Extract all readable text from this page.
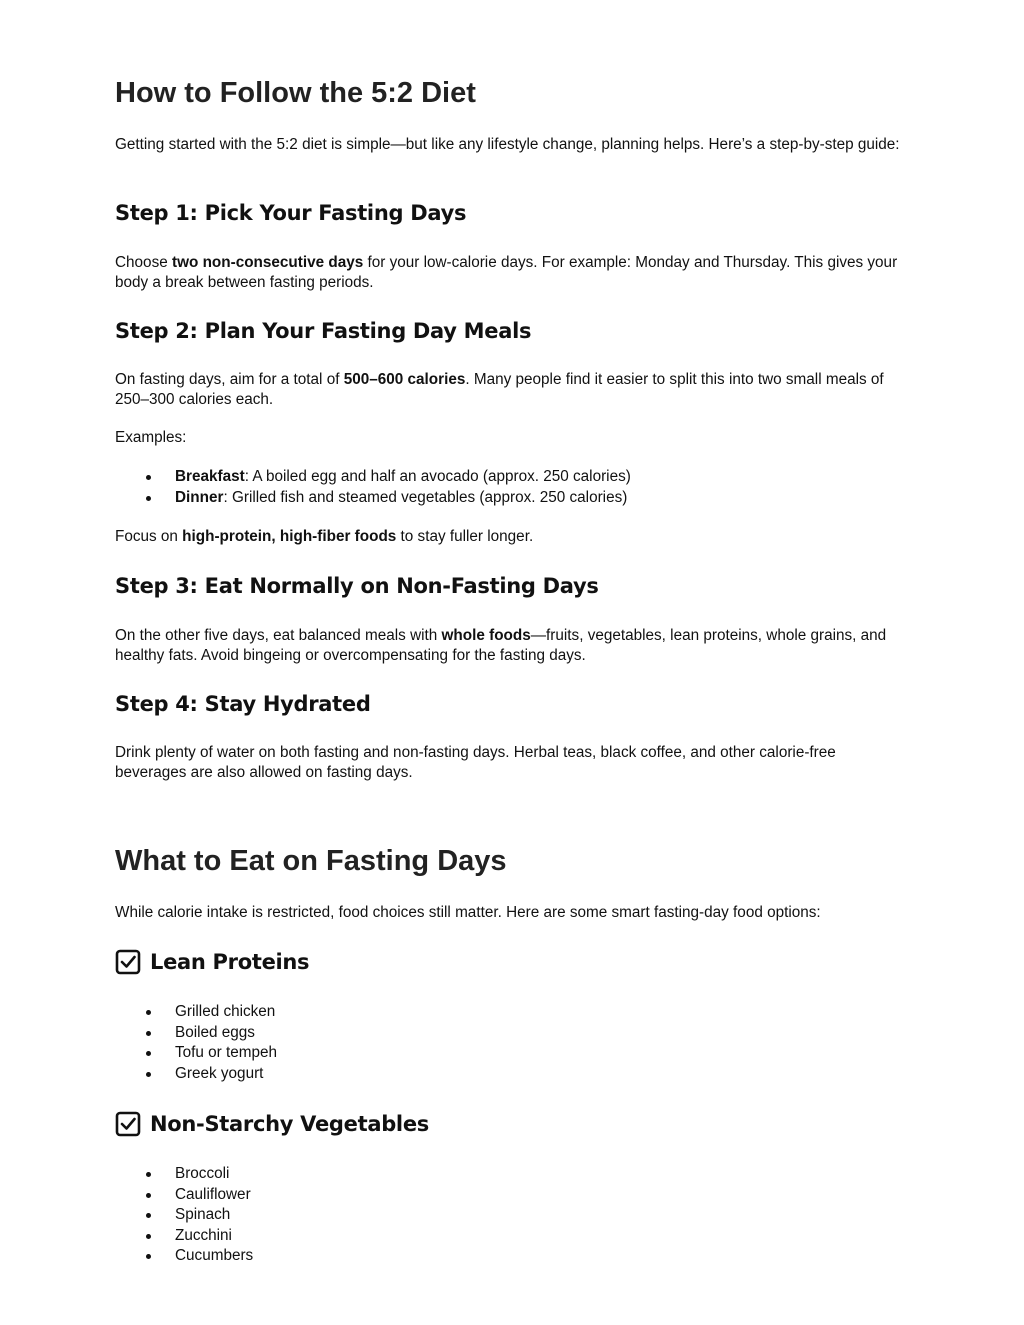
How to Follow the 5:2 Diet

Getting started with the 5:2 diet is simple—but like any lifestyle change, planning helps. Here’s a step-by-step guide:

Step 1: Pick Your Fasting Days

Choose two non-consecutive days for your low-calorie days. For example: Monday and Thursday. This gives your body a break between fasting periods.

Step 2: Plan Your Fasting Day Meals

On fasting days, aim for a total of 500–600 calories. Many people find it easier to split this into two small meals of 250–300 calories each.

Examples:

Breakfast: A boiled egg and half an avocado (approx. 250 calories)
Dinner: Grilled fish and steamed vegetables (approx. 250 calories)

Focus on high-protein, high-fiber foods to stay fuller longer.

Step 3: Eat Normally on Non-Fasting Days

On the other five days, eat balanced meals with whole foods—fruits, vegetables, lean proteins, whole grains, and healthy fats. Avoid bingeing or overcompensating for the fasting days.

Step 4: Stay Hydrated

Drink plenty of water on both fasting and non-fasting days. Herbal teas, black coffee, and other calorie-free beverages are also allowed on fasting days.

What to Eat on Fasting Days

While calorie intake is restricted, food choices still matter. Here are some smart fasting-day food options:

Lean Proteins
Grilled chicken
Boiled eggs
Tofu or tempeh
Greek yogurt
Non-Starchy Vegetables
Broccoli
Cauliflower
Spinach
Zucchini
Cucumbers
